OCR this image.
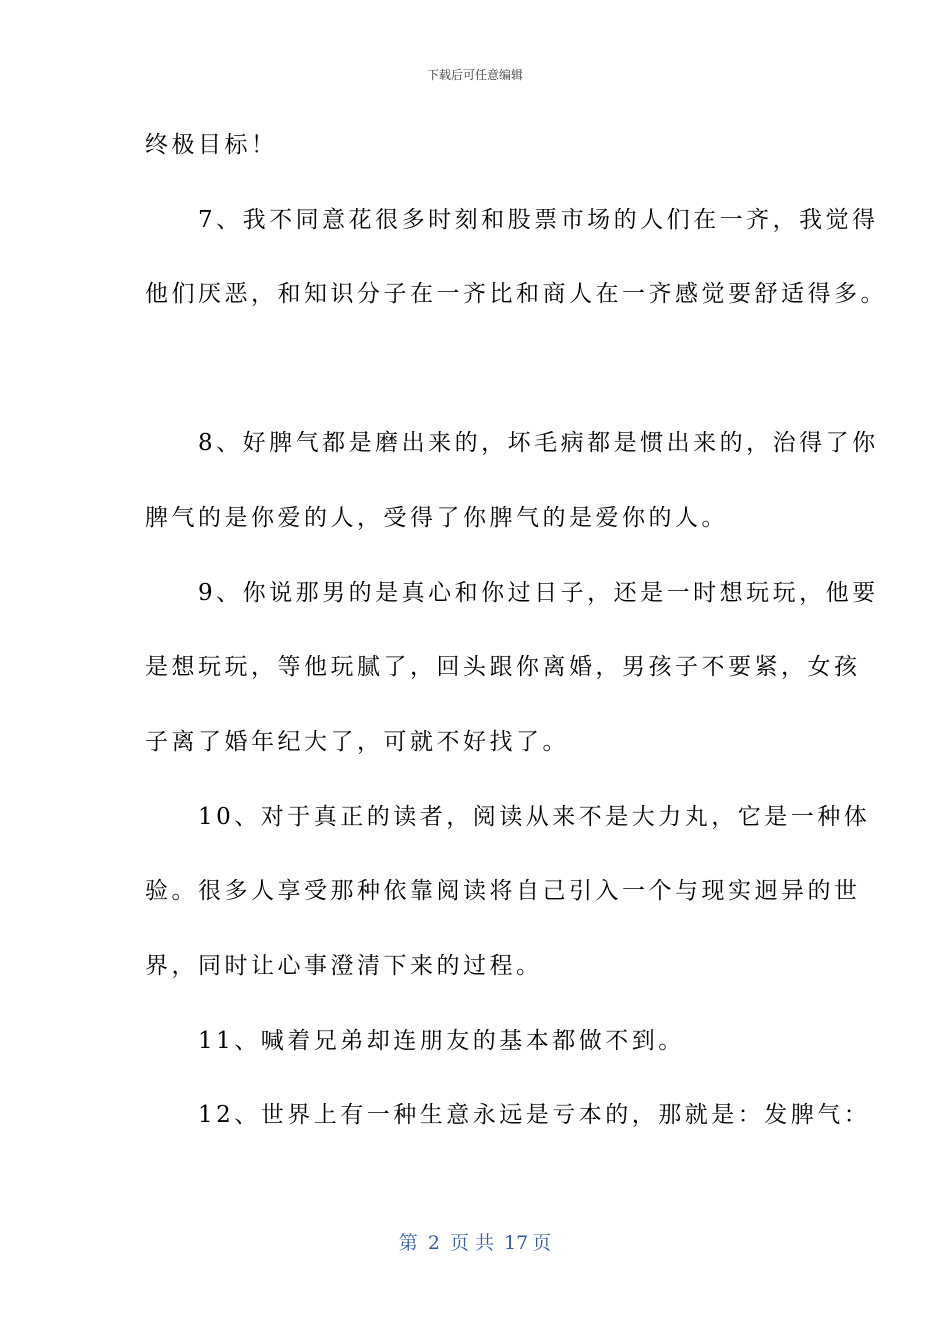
下载后可任意编辑
终极目标！
　　7、我不同意花很多时刻和股票市场的人们在一齐，我觉得
他们厌恶，和知识分子在一齐比和商人在一齐感觉要舒适得多。
　　8、好脾气都是磨出来的，坏毛病都是惯出来的，治得了你
脾气的是你爱的人，受得了你脾气的是爱你的人。
　　9、你说那男的是真心和你过日子，还是一时想玩玩，他要
是想玩玩，等他玩腻了，回头跟你离婚，男孩子不要紧，女孩
子离了婚年纪大了，可就不好找了。
　　10、对于真正的读者，阅读从来不是大力丸，它是一种体
验。很多人享受那种依靠阅读将自己引入一个与现实迥异的世
界，同时让心事澄清下来的过程。
　　11、喊着兄弟却连朋友的基本都做不到。
　　12、世界上有一种生意永远是亏本的，那就是：发脾气：
第 2 页 共 17 页
